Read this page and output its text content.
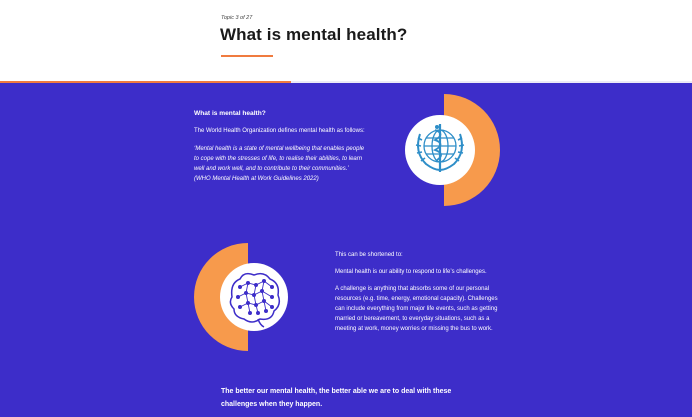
Topic 3 of 27
What is mental health?
What is mental health?
The World Health Organization defines mental health as follows:
‘Mental health is a state of mental wellbeing that enables people to cope with the stresses of life, to realise their abilities, to learn well and work well, and to contribute to their communities.’ (WHO Mental Health at Work Guidelines 2022)
This can be shortened to:
Mental health is our ability to respond to life’s challenges.
A challenge is anything that absorbs some of our personal resources (e.g. time, energy, emotional capacity). Challenges can include everything from major life events, such as getting married or bereavement, to everyday situations, such as a meeting at work, money worries or missing the bus to work.
The better our mental health, the better able we are to deal with these challenges when they happen.
